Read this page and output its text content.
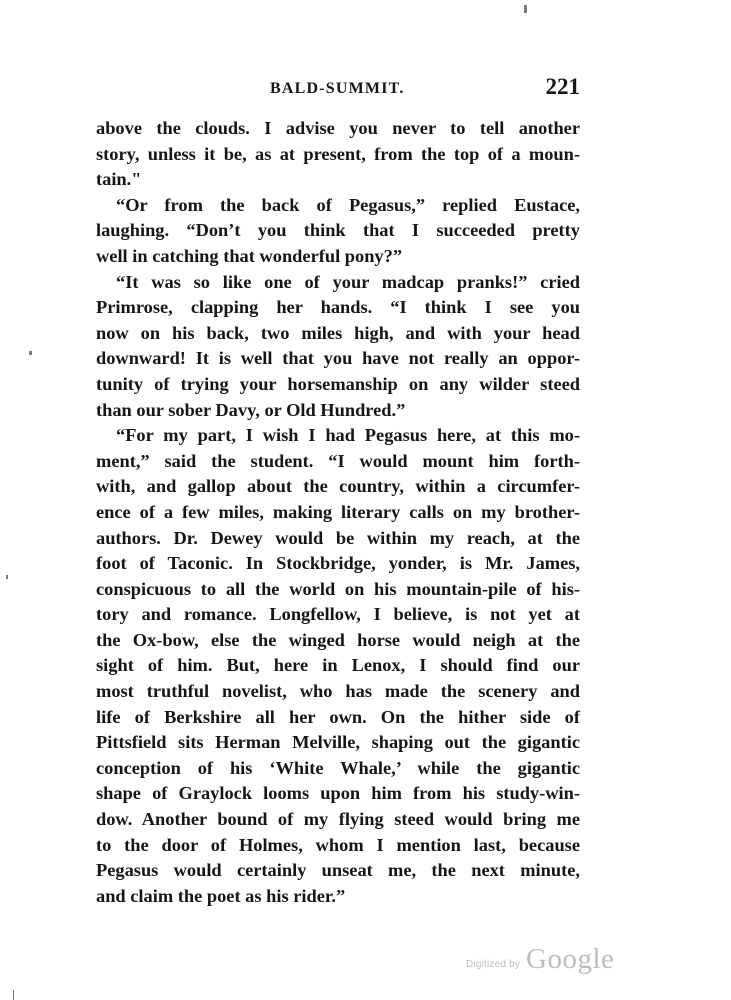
BALD-SUMMIT.	221
above the clouds. I advise you never to tell another
story, unless it be, as at present, from the top of a moun-
tain."
“Or from the back of Pegasus,” replied Eustace,
laughing. “Don’t you think that I succeeded pretty
well in catching that wonderful pony?”
“It was so like one of your madcap pranks!” cried
Primrose, clapping her hands. “I think I see you
now on his back, two miles high, and with your head
downward! It is well that you have not really an oppor-
tunity of trying your horsemanship on any wilder steed
than our sober Davy, or Old Hundred.”
“For my part, I wish I had Pegasus here, at this mo-
ment,” said the student. “I would mount him forth-
with, and gallop about the country, within a circumfer-
ence of a few miles, making literary calls on my brother-
authors. Dr. Dewey would be within my reach, at the
foot of Taconic. In Stockbridge, yonder, is Mr. James,
conspicuous to all the world on his mountain-pile of his-
tory and romance. Longfellow, I believe, is not yet at
the Ox-bow, else the winged horse would neigh at the
sight of him. But, here in Lenox, I should find our
most truthful novelist, who has made the scenery and
life of Berkshire all her own. On the hither side of
Pittsfield sits Herman Melville, shaping out the gigantic
conception of his ‘White Whale,’ while the gigantic
shape of Graylock looms upon him from his study-win-
dow. Another bound of my flying steed would bring me
to the door of Holmes, whom I mention last, because
Pegasus would certainly unseat me, the next minute,
and claim the poet as his rider.”
Digitized by Google
